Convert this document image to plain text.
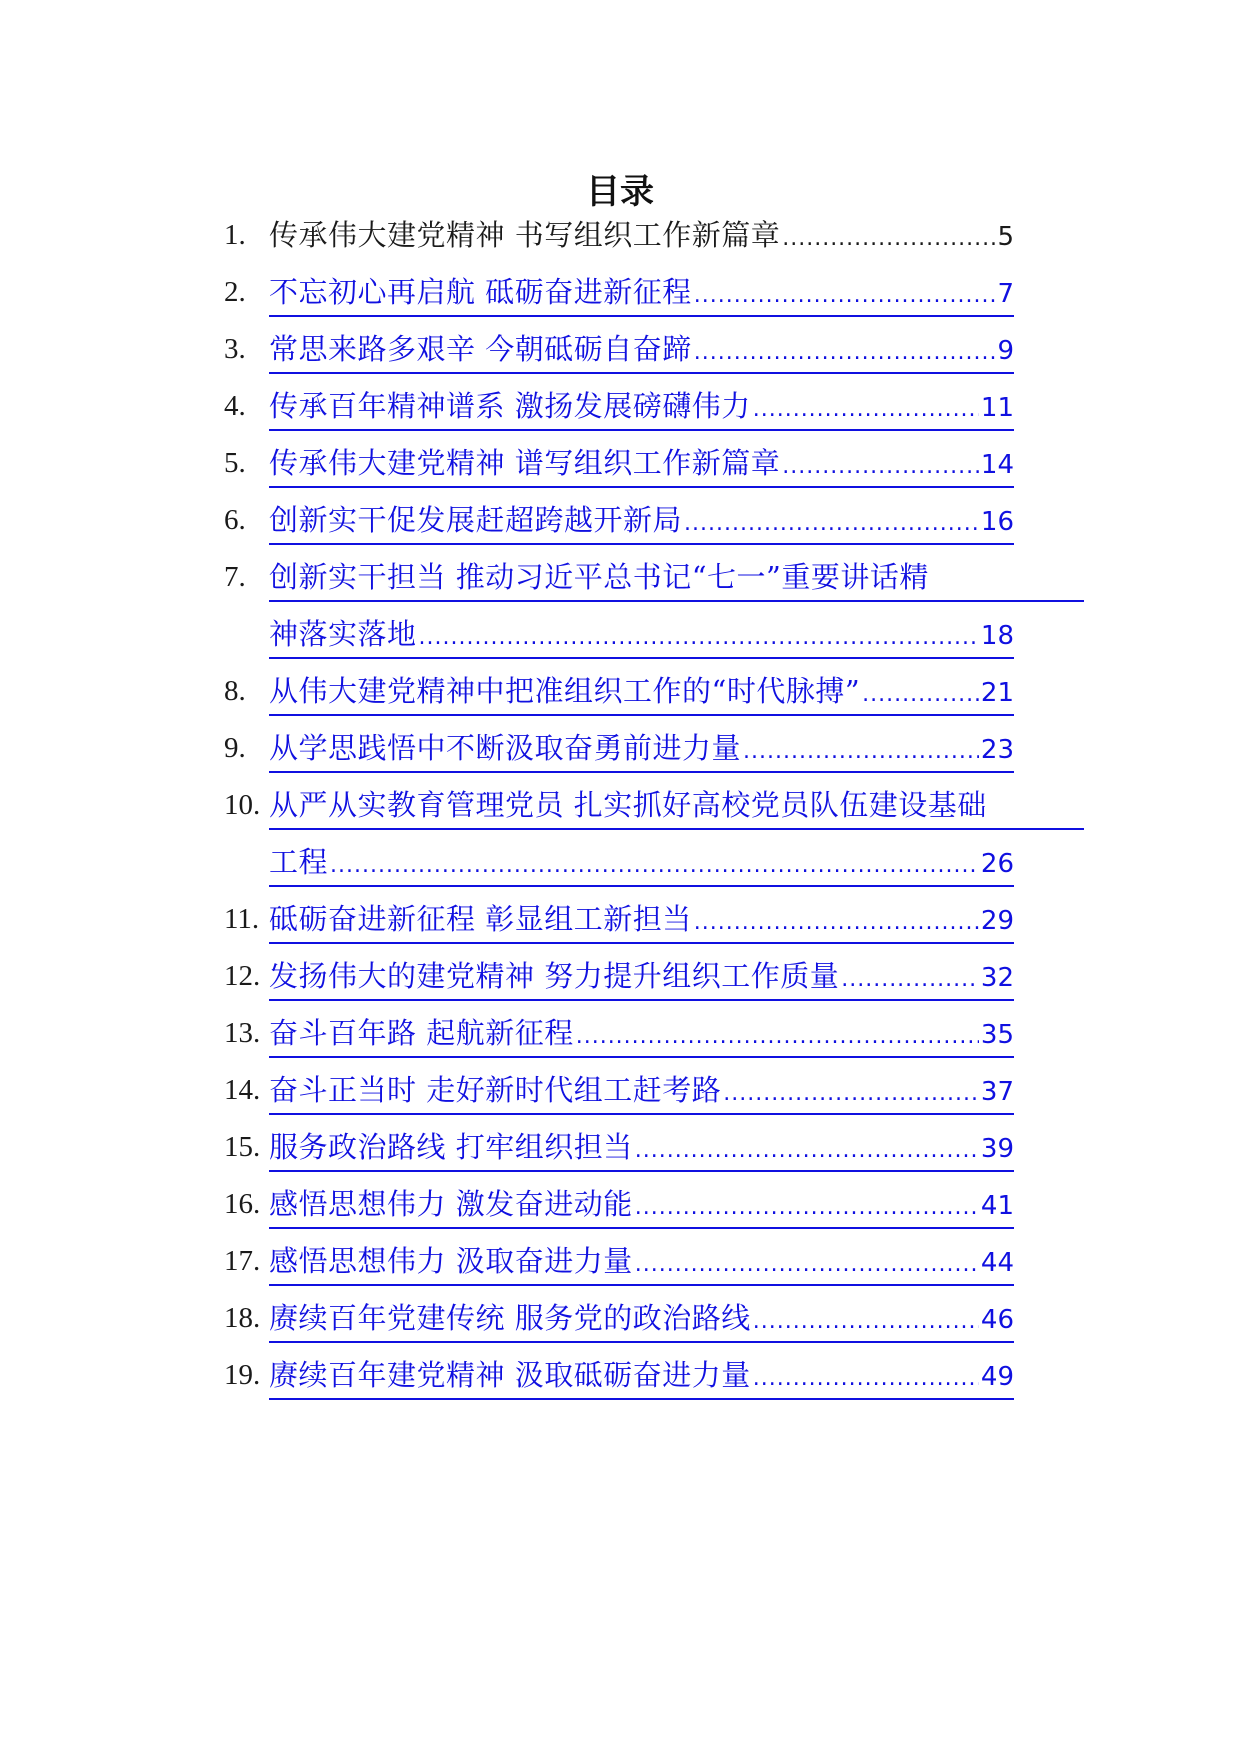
目录
1. 传承伟大建党精神 书写组织工作新篇章 .....	5
2. 不忘初心再启航 砥砺奋进新征程 .....	7
3. 常思来路多艰辛 今朝砥砺自奋蹄 .....	9
4. 传承百年精神谱系 激扬发展磅礴伟力 .....	11
5. 传承伟大建党精神 谱写组织工作新篇章 .....	14
6. 创新实干促发展赶超跨越开新局 .....	16
7. 创新实干担当 推动习近平总书记“七一”重要讲话精
神落实落地 .....	18
8. 从伟大建党精神中把准组织工作的“时代脉搏” .....	21
9. 从学思践悟中不断汲取奋勇前进力量 .....	23
10. 从严从实教育管理党员 扎实抓好高校党员队伍建设基础
工程 .....	26
11. 砥砺奋进新征程 彰显组工新担当 .....	29
12. 发扬伟大的建党精神 努力提升组织工作质量 .....	32
13. 奋斗百年路 起航新征程 .....	35
14. 奋斗正当时 走好新时代组工赶考路 .....	37
15. 服务政治路线 打牢组织担当 .....	39
16. 感悟思想伟力 激发奋进动能 .....	41
17. 感悟思想伟力 汲取奋进力量 .....	44
18. 赓续百年党建传统 服务党的政治路线 .....	46
19. 赓续百年建党精神 汲取砥砺奋进力量 .....	49
